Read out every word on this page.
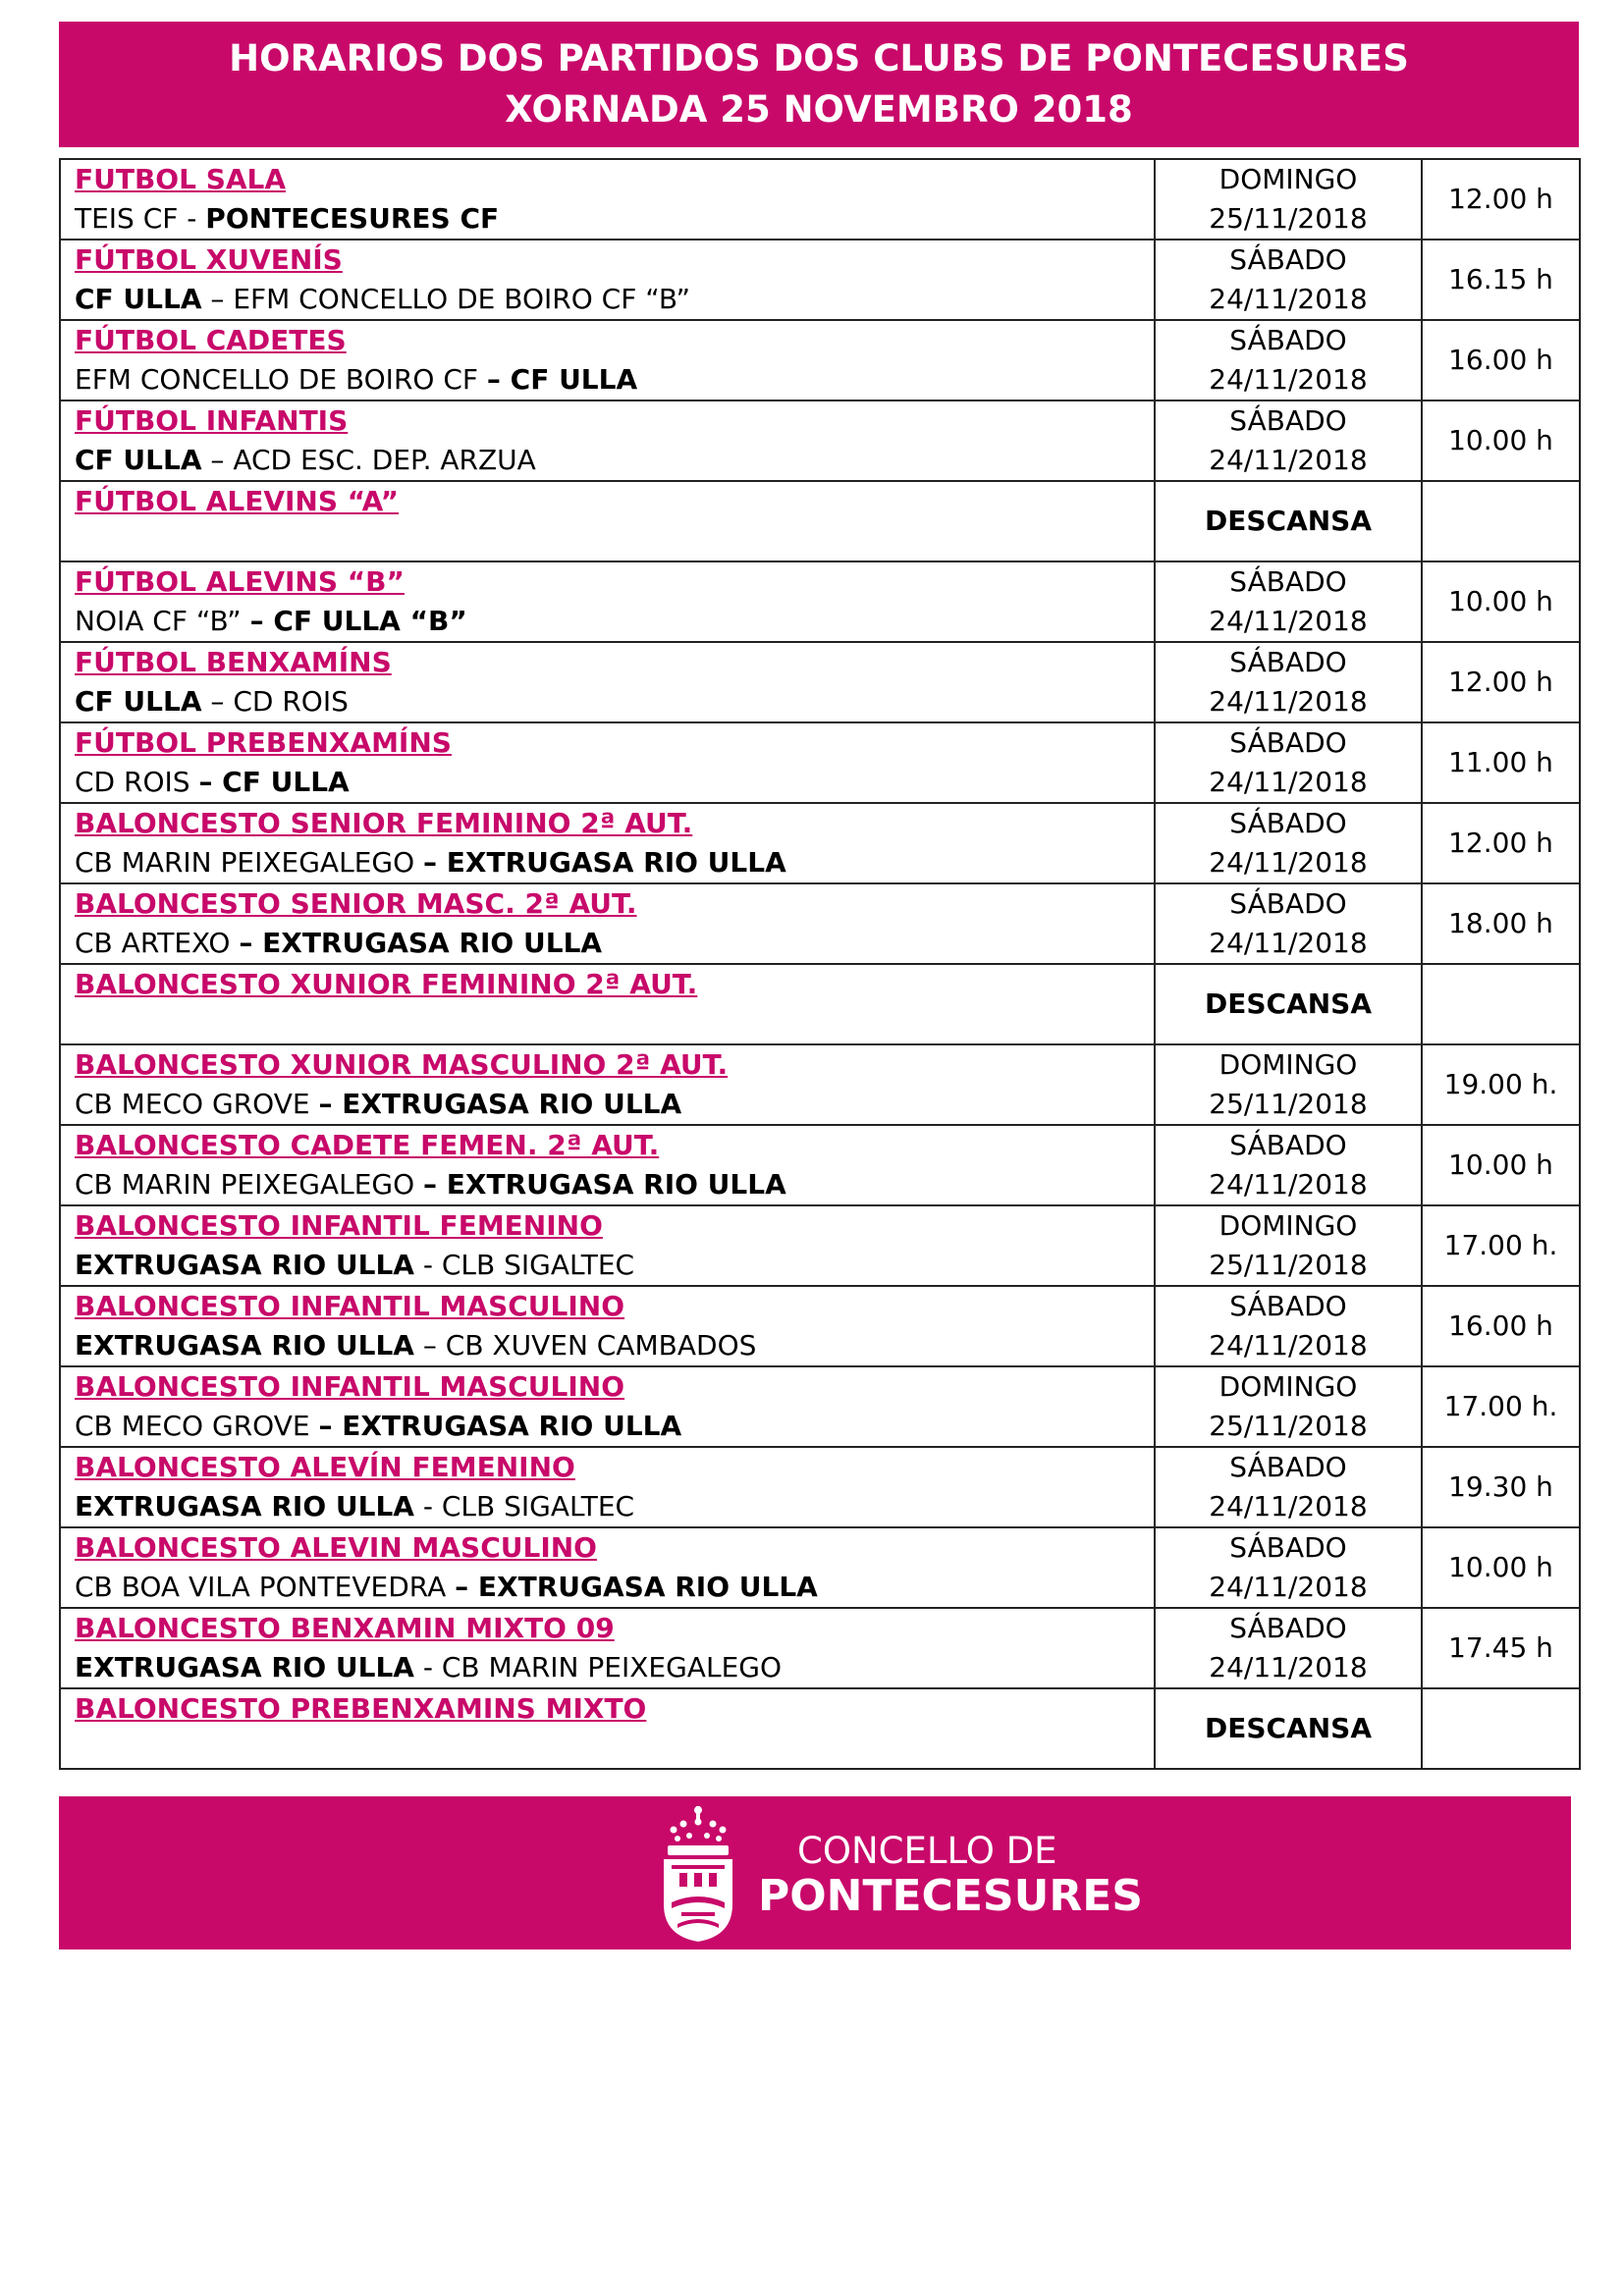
HORARIOS DOS PARTIDOS DOS CLUBS DE PONTECESURES
XORNADA 25 NOVEMBRO 2018
FUTBOL SALA
TEIS CF - PONTECESURES CF	DOMINGO
25/11/2018	12.00 h

FÚTBOL XUVENÍS
CF ULLA – EFM CONCELLO DE BOIRO CF “B”	SÁBADO
24/11/2018	16.15 h

FÚTBOL CADETES
EFM CONCELLO DE BOIRO CF – CF ULLA	SÁBADO
24/11/2018	16.00 h

FÚTBOL INFANTIS
CF ULLA – ACD ESC. DEP. ARZUA	SÁBADO
24/11/2018	10.00 h

FÚTBOL ALEVINS “A”	DESCANSA	

FÚTBOL ALEVINS “B”
NOIA CF “B” – CF ULLA “B”	SÁBADO
24/11/2018	10.00 h

FÚTBOL BENXAMÍNS
CF ULLA – CD ROIS	SÁBADO
24/11/2018	12.00 h

FÚTBOL PREBENXAMÍNS
CD ROIS – CF ULLA	SÁBADO
24/11/2018	11.00 h

BALONCESTO SENIOR FEMININO 2ª AUT.
CB MARIN PEIXEGALEGO – EXTRUGASA RIO ULLA	SÁBADO
24/11/2018	12.00 h

BALONCESTO SENIOR MASC. 2ª AUT.
CB ARTEXO – EXTRUGASA RIO ULLA	SÁBADO
24/11/2018	18.00 h

BALONCESTO XUNIOR FEMININO 2ª AUT.	DESCANSA	

BALONCESTO XUNIOR MASCULINO 2ª AUT.
CB MECO GROVE – EXTRUGASA RIO ULLA	DOMINGO
25/11/2018	19.00 h.

BALONCESTO CADETE FEMEN. 2ª AUT.
CB MARIN PEIXEGALEGO – EXTRUGASA RIO ULLA	SÁBADO
24/11/2018	10.00 h

BALONCESTO INFANTIL FEMENINO
EXTRUGASA RIO ULLA - CLB SIGALTEC	DOMINGO
25/11/2018	17.00 h.

BALONCESTO INFANTIL MASCULINO
EXTRUGASA RIO ULLA – CB XUVEN CAMBADOS	SÁBADO
24/11/2018	16.00 h

BALONCESTO INFANTIL MASCULINO
CB MECO GROVE – EXTRUGASA RIO ULLA	DOMINGO
25/11/2018	17.00 h.

BALONCESTO ALEVÍN FEMENINO
EXTRUGASA RIO ULLA - CLB SIGALTEC	SÁBADO
24/11/2018	19.30 h

BALONCESTO ALEVIN MASCULINO
CB BOA VILA PONTEVEDRA – EXTRUGASA RIO ULLA	SÁBADO
24/11/2018	10.00 h

BALONCESTO BENXAMIN MIXTO 09
EXTRUGASA RIO ULLA - CB MARIN PEIXEGALEGO	SÁBADO
24/11/2018	17.45 h

BALONCESTO PREBENXAMINS MIXTO	DESCANSA	
CONCELLO DE
PONTECESURES
